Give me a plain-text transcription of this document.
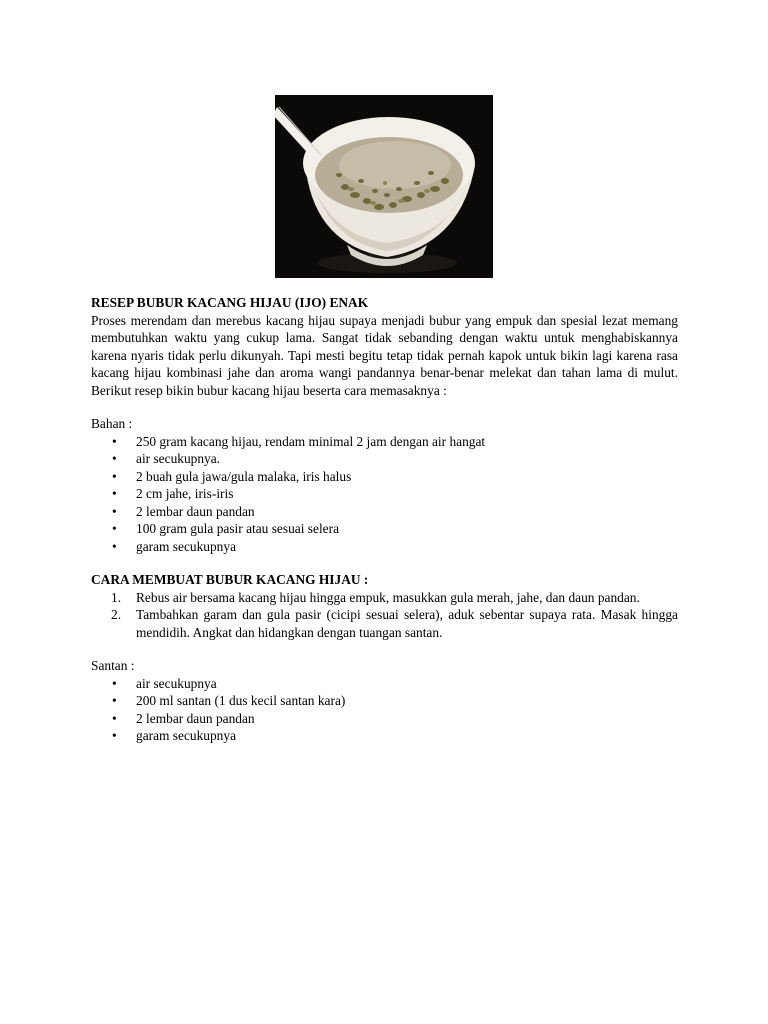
RESEP BUBUR KACANG HIJAU (IJO) ENAK

Proses merendam dan merebus kacang hijau supaya menjadi bubur yang empuk dan spesial lezat memang membutuhkan waktu yang cukup lama. Sangat tidak sebanding dengan waktu untuk menghabiskannya karena nyaris tidak perlu dikunyah. Tapi mesti begitu tetap tidak pernah kapok untuk bikin lagi karena rasa kacang hijau kombinasi jahe dan aroma wangi pandannya benar-benar melekat dan tahan lama di mulut. Berikut resep bikin bubur kacang hijau beserta cara memasaknya :

Bahan :

• 250 gram kacang hijau, rendam minimal 2 jam dengan air hangat
• air secukupnya.
• 2 buah gula jawa/gula malaka, iris halus
• 2 cm jahe, iris-iris
• 2 lembar daun pandan
• 100 gram gula pasir atau sesuai selera
• garam secukupnya

CARA MEMBUAT BUBUR KACANG HIJAU :

1. Rebus air bersama kacang hijau hingga empuk, masukkan gula merah, jahe, dan daun pandan.
2. Tambahkan garam dan gula pasir (cicipi sesuai selera), aduk sebentar supaya rata. Masak hingga mendidih. Angkat dan hidangkan dengan tuangan santan.

Santan :

• air secukupnya
• 200 ml santan (1 dus kecil santan kara)
• 2 lembar daun pandan
• garam secukupnya
